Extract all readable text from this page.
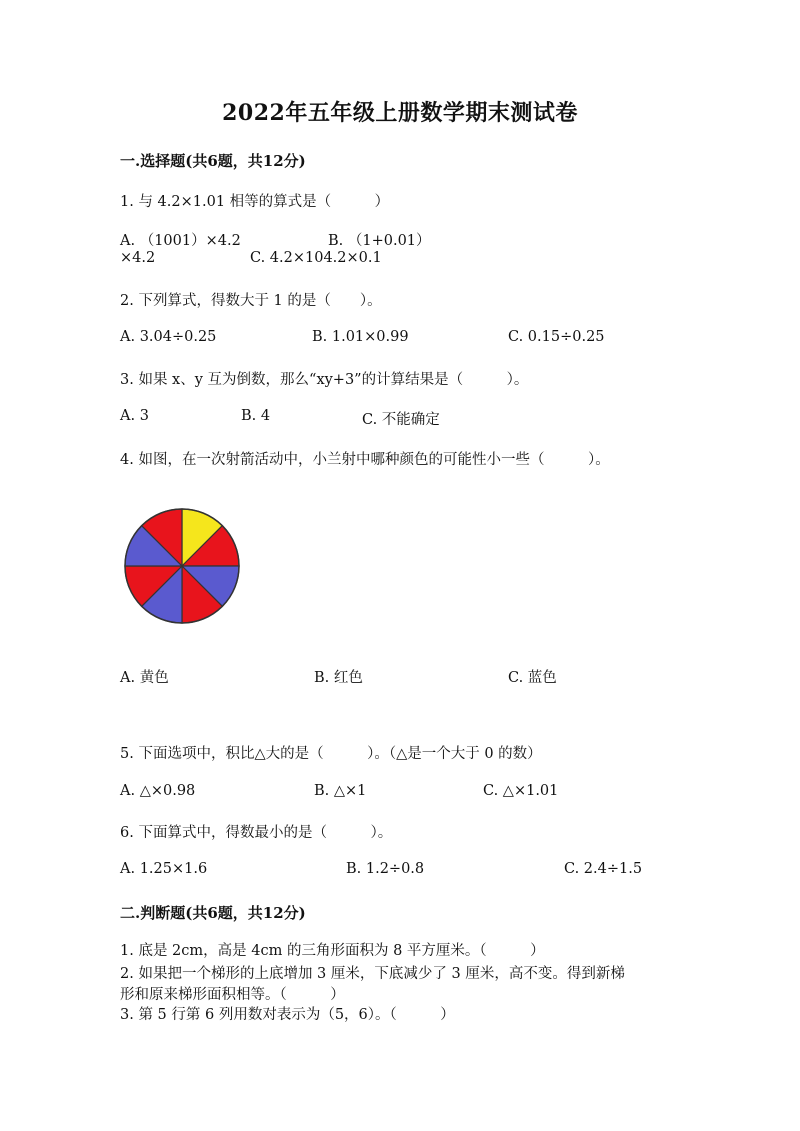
2022年五年级上册数学期末测试卷
一.选择题(共6题，共12分)
1. 与 4.2×1.01 相等的算式是（　　　）
A. （1001）×4.2	B. （1+0.01）
×4.2	C. 4.2×104.2×0.1
2. 下列算式，得数大于 1 的是（　　）。
A. 3.04÷0.25	B. 1.01×0.99	C. 0.15÷0.25
3. 如果 x、y 互为倒数，那么“xy+3”的计算结果是（　　　）。
A. 3	B. 4	C. 不能确定
4. 如图，在一次射箭活动中，小兰射中哪种颜色的可能性小一些（　　　）。
A. 黄色	B. 红色	C. 蓝色
5. 下面选项中，积比△大的是（　　　）。（△是一个大于 0 的数）
A. △×0.98	B. △×1	C. △×1.01
6. 下面算式中，得数最小的是（　　　）。
A. 1.25×1.6	B. 1.2÷0.8	C. 2.4÷1.5
二.判断题(共6题，共12分)
1. 底是 2cm，高是 4cm 的三角形面积为 8 平方厘米。（　　　）
2. 如果把一个梯形的上底增加 3 厘米，下底减少了 3 厘米，高不变。得到新梯
形和原来梯形面积相等。（　　　）
3. 第 5 行第 6 列用数对表示为（5，6）。（　　　）
